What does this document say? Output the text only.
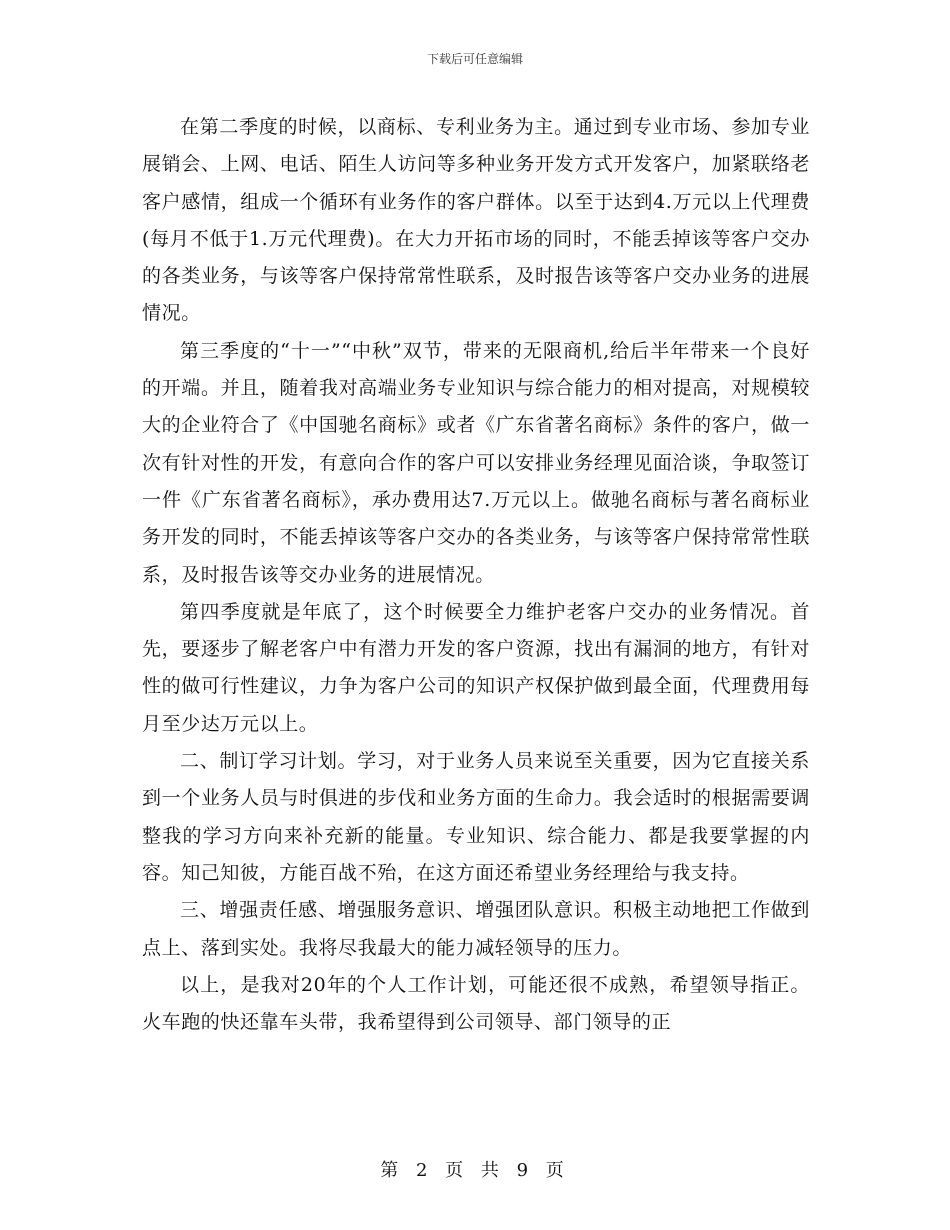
下载后可任意编辑

在第二季度的时候，以商标、专利业务为主。通过到专业市场、参加专业展销会、上网、电话、陌生人访问等多种业务开发方式开发客户，加紧联络老客户感情，组成一个循环有业务作的客户群体。以至于达到4.万元以上代理费(每月不低于1.万元代理费)。在大力开拓市场的同时，不能丢掉该等客户交办的各类业务，与该等客户保持常常性联系，及时报告该等客户交办业务的进展情况。

第三季度的“十一”“中秋”双节，带来的无限商机,给后半年带来一个良好的开端。并且，随着我对高端业务专业知识与综合能力的相对提高，对规模较大的企业符合了《中国驰名商标》或者《广东省著名商标》条件的客户，做一次有针对性的开发，有意向合作的客户可以安排业务经理见面洽谈，争取签订一件《广东省著名商标》，承办费用达7.万元以上。做驰名商标与著名商标业务开发的同时，不能丢掉该等客户交办的各类业务，与该等客户保持常常性联系，及时报告该等交办业务的进展情况。

第四季度就是年底了，这个时候要全力维护老客户交办的业务情况。首先，要逐步了解老客户中有潜力开发的客户资源，找出有漏洞的地方，有针对性的做可行性建议，力争为客户公司的知识产权保护做到最全面，代理费用每月至少达万元以上。

二、制订学习计划。学习，对于业务人员来说至关重要，因为它直接关系到一个业务人员与时俱进的步伐和业务方面的生命力。我会适时的根据需要调整我的学习方向来补充新的能量。专业知识、综合能力、都是我要掌握的内容。知己知彼，方能百战不殆，在这方面还希望业务经理给与我支持。

三、增强责任感、增强服务意识、增强团队意识。积极主动地把工作做到点上、落到实处。我将尽我最大的能力减轻领导的压力。

以上，是我对20年的个人工作计划，可能还很不成熟，希望领导指正。火车跑的快还靠车头带，我希望得到公司领导、部门领导的正

第 2 页 共 9 页
